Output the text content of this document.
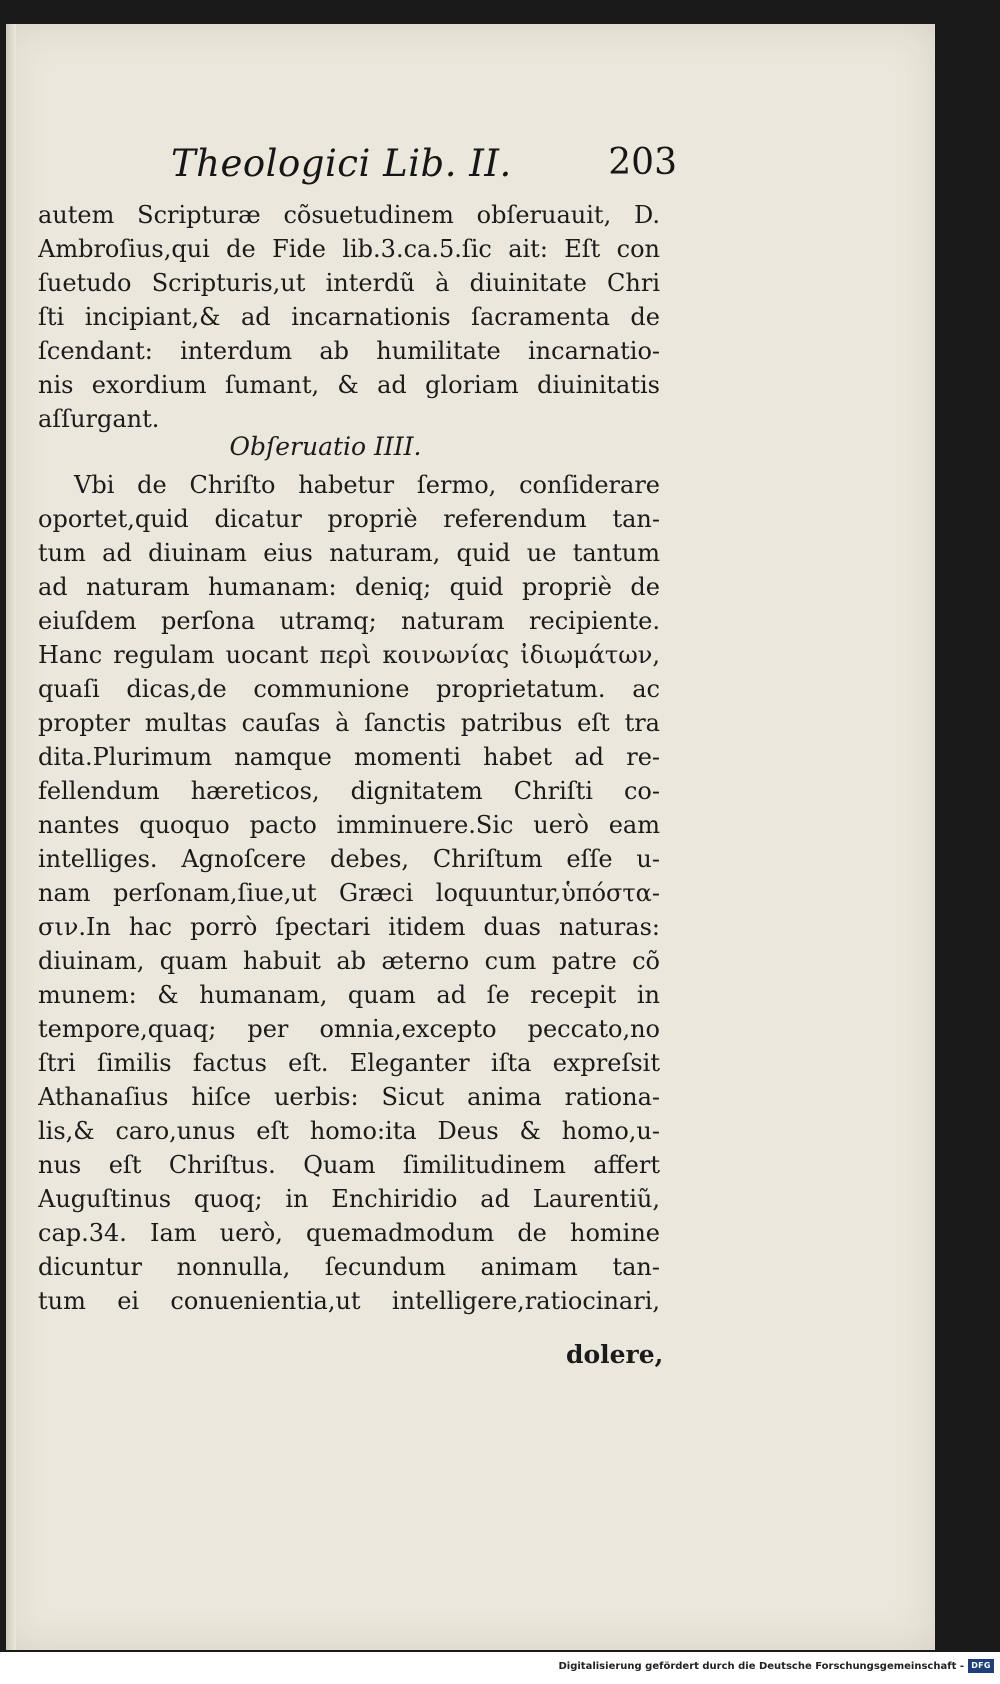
Theologici Lib. II.	203
autem Scripturæ cõsuetudinem obſeruauit, D.
Ambroſius,qui de Fide lib.3.ca.5.ſic ait: Eſt con
ſuetudo Scripturis,ut interdũ à diuinitate Chri
ſti incipiant,& ad incarnationis ſacramenta de
ſcendant: interdum ab humilitate incarnatio-
nis exordium ſumant, & ad gloriam diuinitatis
aſſurgant.
Obſeruatio IIII.
Vbi de Chriſto habetur ſermo, conſiderare
oportet,quid dicatur propriè referendum tan-
tum ad diuinam eius naturam, quid ue tantum
ad naturam humanam: deniq; quid propriè de
eiuſdem perſona utramq; naturam recipiente.
Hanc regulam uocant περὶ κοινωνίας ἰδιωμάτων,
quaſi dicas,de communione proprietatum. ac
propter multas cauſas à ſanctis patribus eſt tra
dita.Plurimum namque momenti habet ad re-
fellendum hæreticos, dignitatem Chriſti co-
nantes quoquo pacto imminuere.Sic uerò eam
intelliges. Agnoſcere debes, Chriſtum eſſe u-
nam perſonam,ſiue,ut Græci loquuntur,ὑπόστα-
σιν.In hac porrò ſpectari itidem duas naturas:
diuinam, quam habuit ab æterno cum patre cõ
munem: & humanam, quam ad ſe recepit in
tempore,quaq; per omnia,excepto peccato,no
ſtri ſimilis factus eſt. Eleganter iſta expreſsit
Athanaſius hiſce uerbis: Sicut anima rationa-
lis,& caro,unus eſt homo:ita Deus & homo,u-
nus eſt Chriſtus. Quam ſimilitudinem affert
Auguſtinus quoq; in Enchiridio ad Laurentiũ,
cap.34. Iam uerò, quemadmodum de homine
dicuntur nonnulla, ſecundum animam tan-
tum ei conuenientia,ut intelligere,ratiocinari,
dolere,
Digitalisierung gefördert durch die Deutsche Forschungsgemeinschaft - DFG
